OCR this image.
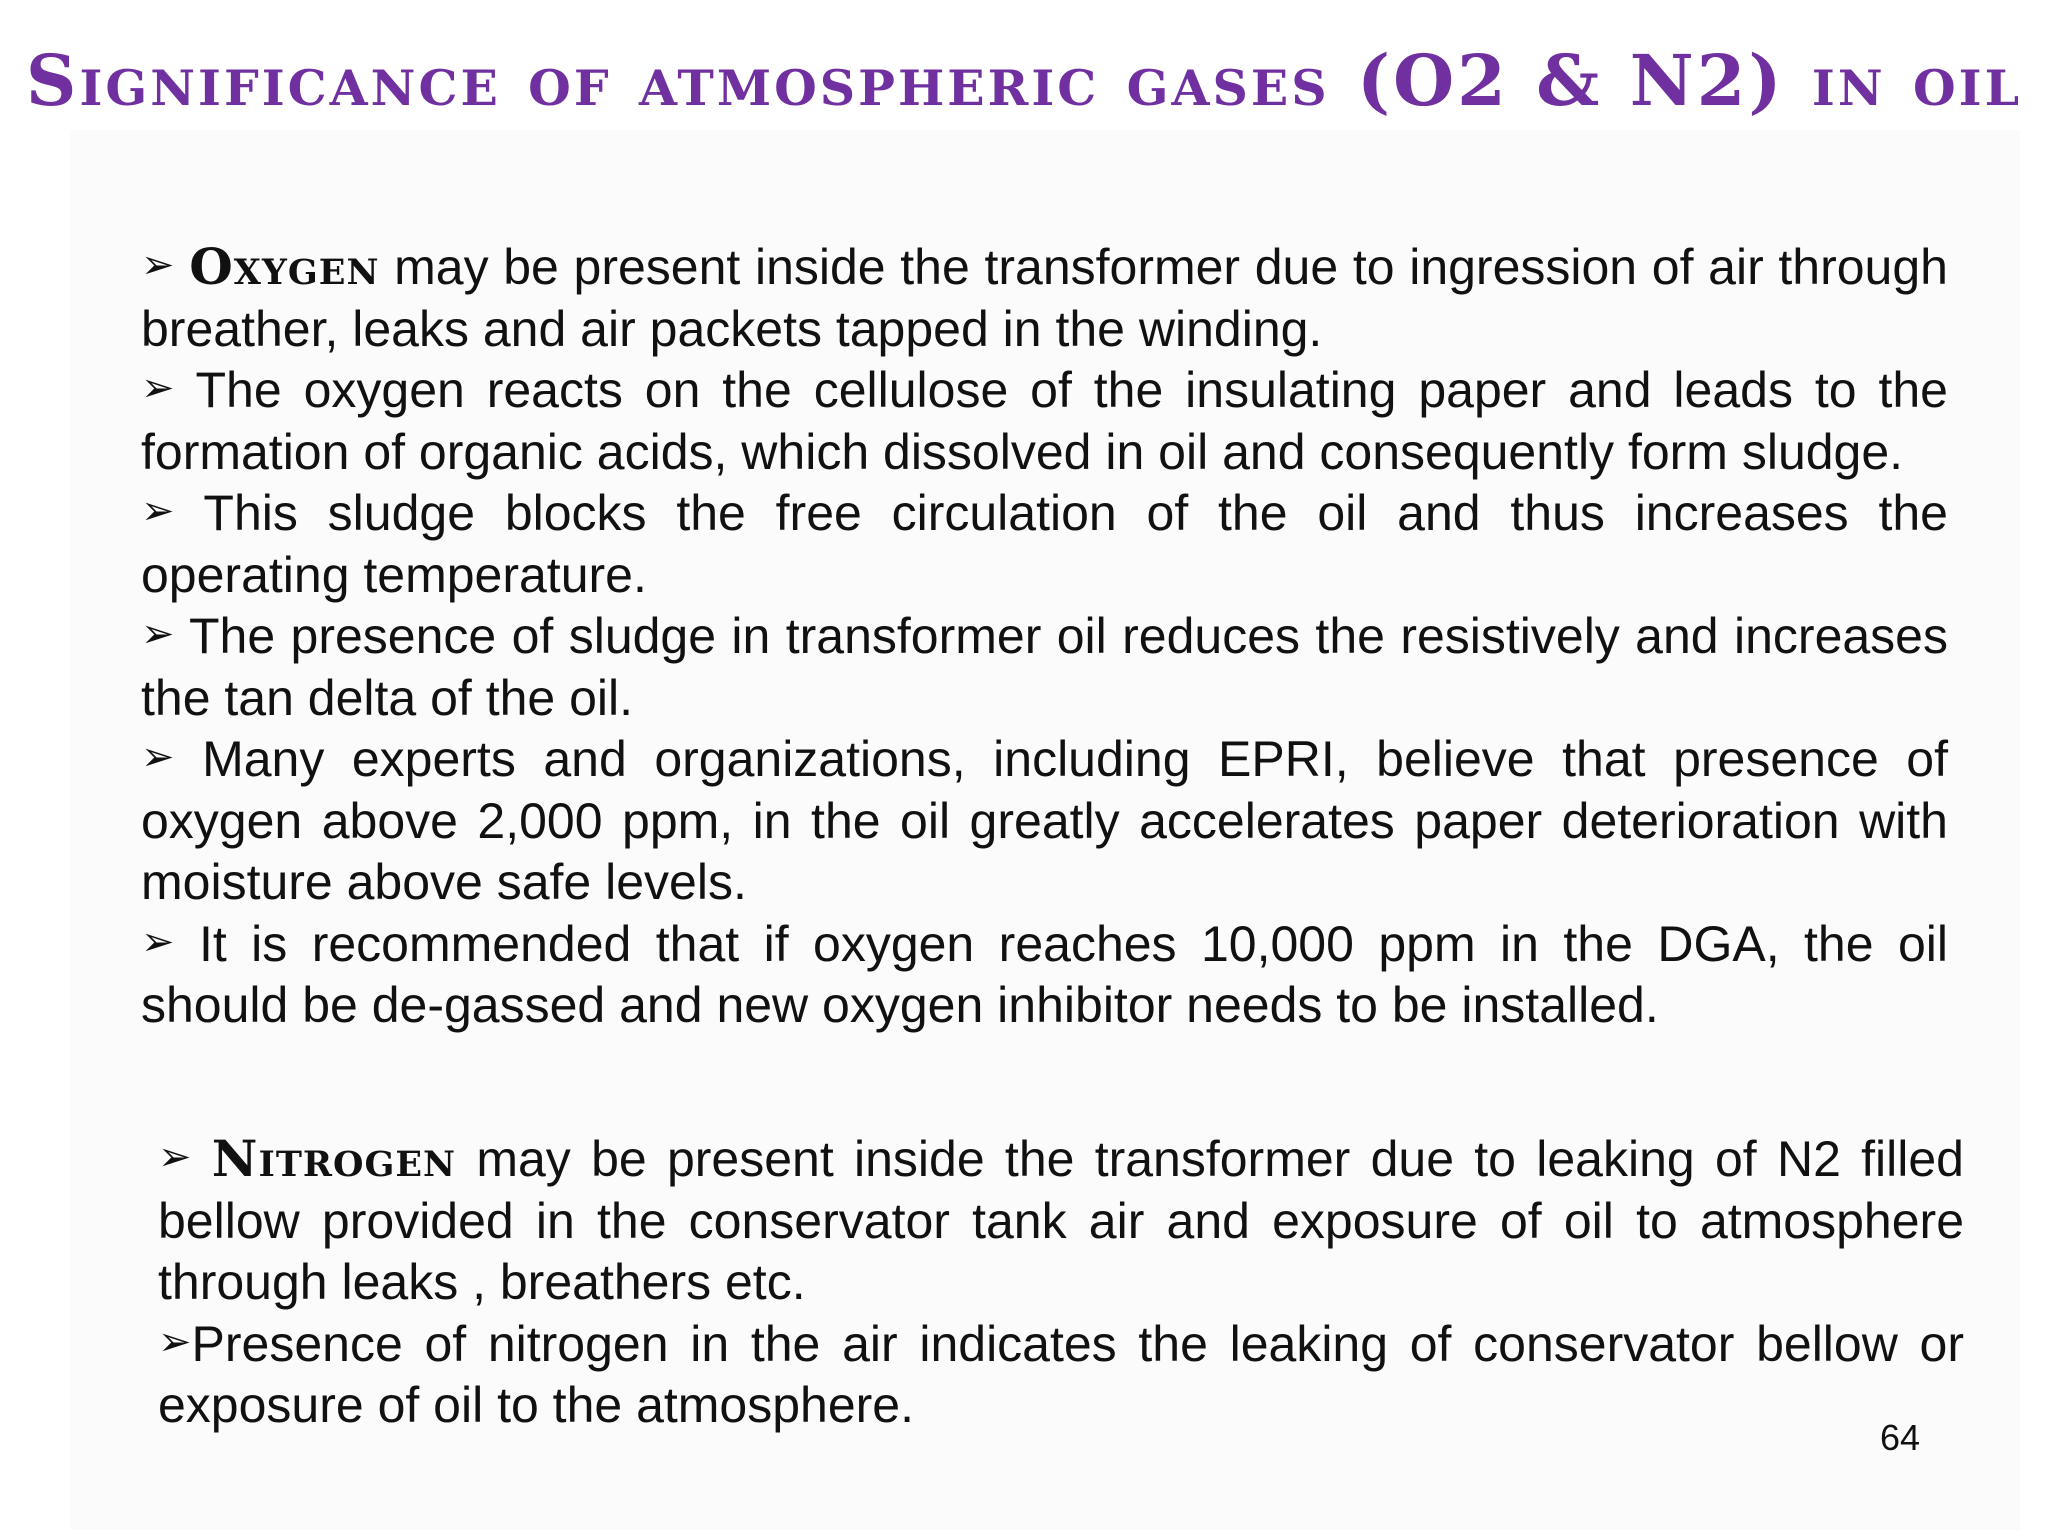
Significance of atmospheric gases (O2 & N2) in oil

➢ Oxygen may be present inside the transformer due to ingression of air through breather, leaks and air packets tapped in the winding.

➢ The oxygen reacts on the cellulose of the insulating paper and leads to the formation of organic acids, which dissolved in oil and consequently form sludge.

➢ This sludge blocks the free circulation of the oil and thus increases the operating temperature.

➢ The presence of sludge in transformer oil reduces the resistively and increases the tan delta of the oil.

➢ Many experts and organizations, including EPRI, believe that presence of oxygen above 2,000 ppm, in the oil greatly accelerates paper deterioration with moisture above safe levels.

➢ It is recommended that if oxygen reaches 10,000 ppm in the DGA, the oil should be de-gassed and new oxygen inhibitor needs to be installed.

➢ Nitrogen may be present inside the transformer due to leaking of N2 filled bellow provided in the conservator tank air and exposure of oil to atmosphere through leaks , breathers etc.

➢Presence of nitrogen in the air indicates the leaking of conservator bellow or exposure of oil to the atmosphere.

64
